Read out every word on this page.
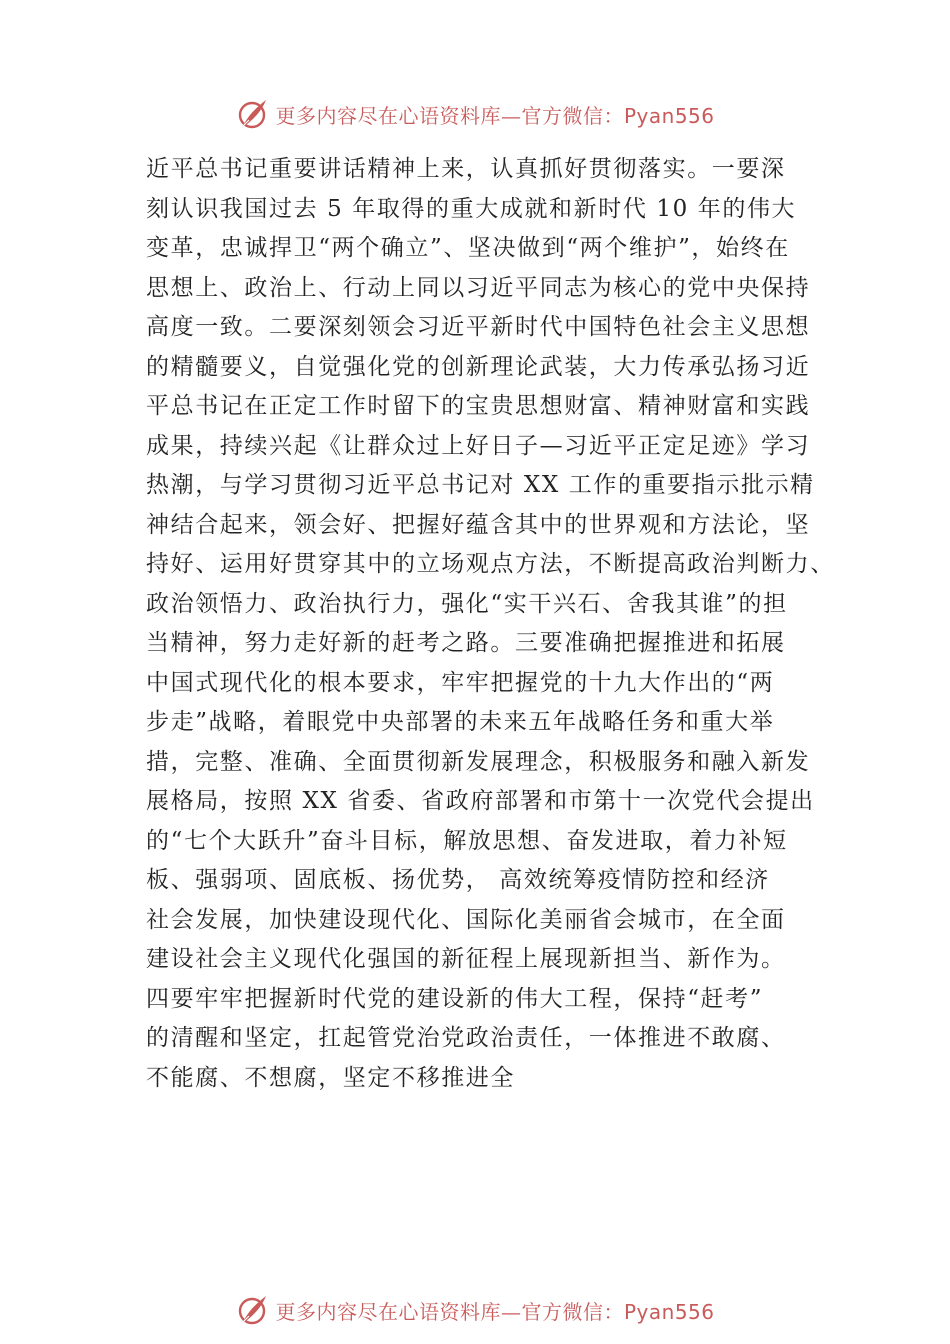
更多内容尽在心语资料库—官方微信：Pyan556
近平总书记重要讲话精神上来，认真抓好贯彻落实。一要深
刻认识我国过去 5 年取得的重大成就和新时代 10 年的伟大
变革，忠诚捍卫“两个确立”、坚决做到“两个维护”，始终在
思想上、政治上、行动上同以习近平同志为核心的党中央保持
高度一致。二要深刻领会习近平新时代中国特色社会主义思想
的精髓要义，自觉强化党的创新理论武装，大力传承弘扬习近
平总书记在正定工作时留下的宝贵思想财富、精神财富和实践
成果，持续兴起《让群众过上好日子—习近平正定足迹》学习
热潮，与学习贯彻习近平总书记对 XX 工作的重要指示批示精
神结合起来，领会好、把握好蕴含其中的世界观和方法论，坚
持好、运用好贯穿其中的立场观点方法，不断提高政治判断力、
政治领悟力、政治执行力，强化“实干兴石、舍我其谁”的担
当精神，努力走好新的赶考之路。三要准确把握推进和拓展
中国式现代化的根本要求，牢牢把握党的十九大作出的“两
步走”战略，着眼党中央部署的未来五年战略任务和重大举
措，完整、准确、全面贯彻新发展理念，积极服务和融入新发
展格局，按照 XX 省委、省政府部署和市第十一次党代会提出
的“七个大跃升”奋斗目标，解放思想、奋发进取，着力补短
板、强弱项、固底板、扬优势， 高效统筹疫情防控和经济
社会发展，加快建设现代化、国际化美丽省会城市，在全面
建设社会主义现代化强国的新征程上展现新担当、新作为。
四要牢牢把握新时代党的建设新的伟大工程，保持“赶考”
的清醒和坚定，扛起管党治党政治责任，一体推进不敢腐、
不能腐、不想腐，坚定不移推进全
更多内容尽在心语资料库—官方微信：Pyan556
